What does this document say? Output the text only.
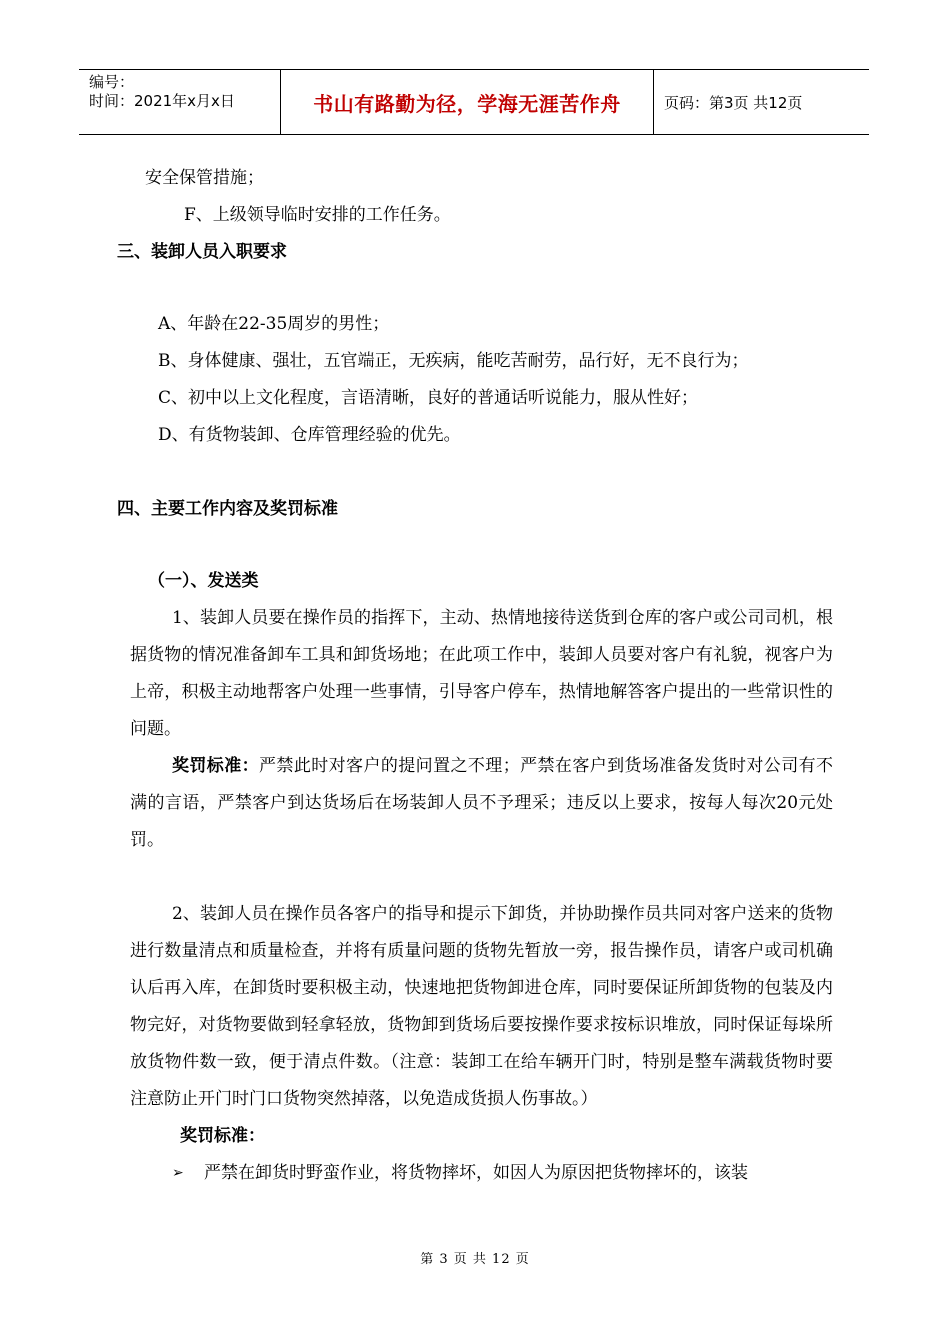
编号：
时间：2021年x月x日	书山有路勤为径，学海无涯苦作舟	页码：第3页 共12页

安全保管措施；

F、上级领导临时安排的工作任务。

三、装卸人员入职要求

A、年龄在22-35周岁的男性；

B、身体健康、强壮，五官端正，无疾病，能吃苦耐劳，品行好，无不良行为；

C、初中以上文化程度，言语清晰，良好的普通话听说能力，服从性好；

D、有货物装卸、仓库管理经验的优先。

四、主要工作内容及奖罚标准

（一）、发送类

1、装卸人员要在操作员的指挥下，主动、热情地接待送货到仓库的客户或公司司机，根据货物的情况准备卸车工具和卸货场地；在此项工作中，装卸人员要对客户有礼貌，视客户为上帝，积极主动地帮客户处理一些事情，引导客户停车，热情地解答客户提出的一些常识性的问题。

奖罚标准：严禁此时对客户的提问置之不理；严禁在客户到货场准备发货时对公司有不满的言语，严禁客户到达货场后在场装卸人员不予理采；违反以上要求，按每人每次20元处罚。

2、装卸人员在操作员各客户的指导和提示下卸货，并协助操作员共同对客户送来的货物进行数量清点和质量检查，并将有质量问题的货物先暂放一旁，报告操作员，请客户或司机确认后再入库，在卸货时要积极主动，快速地把货物卸进仓库，同时要保证所卸货物的包装及内物完好，对货物要做到轻拿轻放，货物卸到货场后要按操作要求按标识堆放，同时保证每垛所放货物件数一致，便于清点件数。（注意：装卸工在给车辆开门时，特别是整车满载货物时要注意防止开门时门口货物突然掉落，以免造成货损人伤事故。）

奖罚标准：

➢	严禁在卸货时野蛮作业，将货物摔坏，如因人为原因把货物摔坏的，该装
第 3 页 共 12 页
